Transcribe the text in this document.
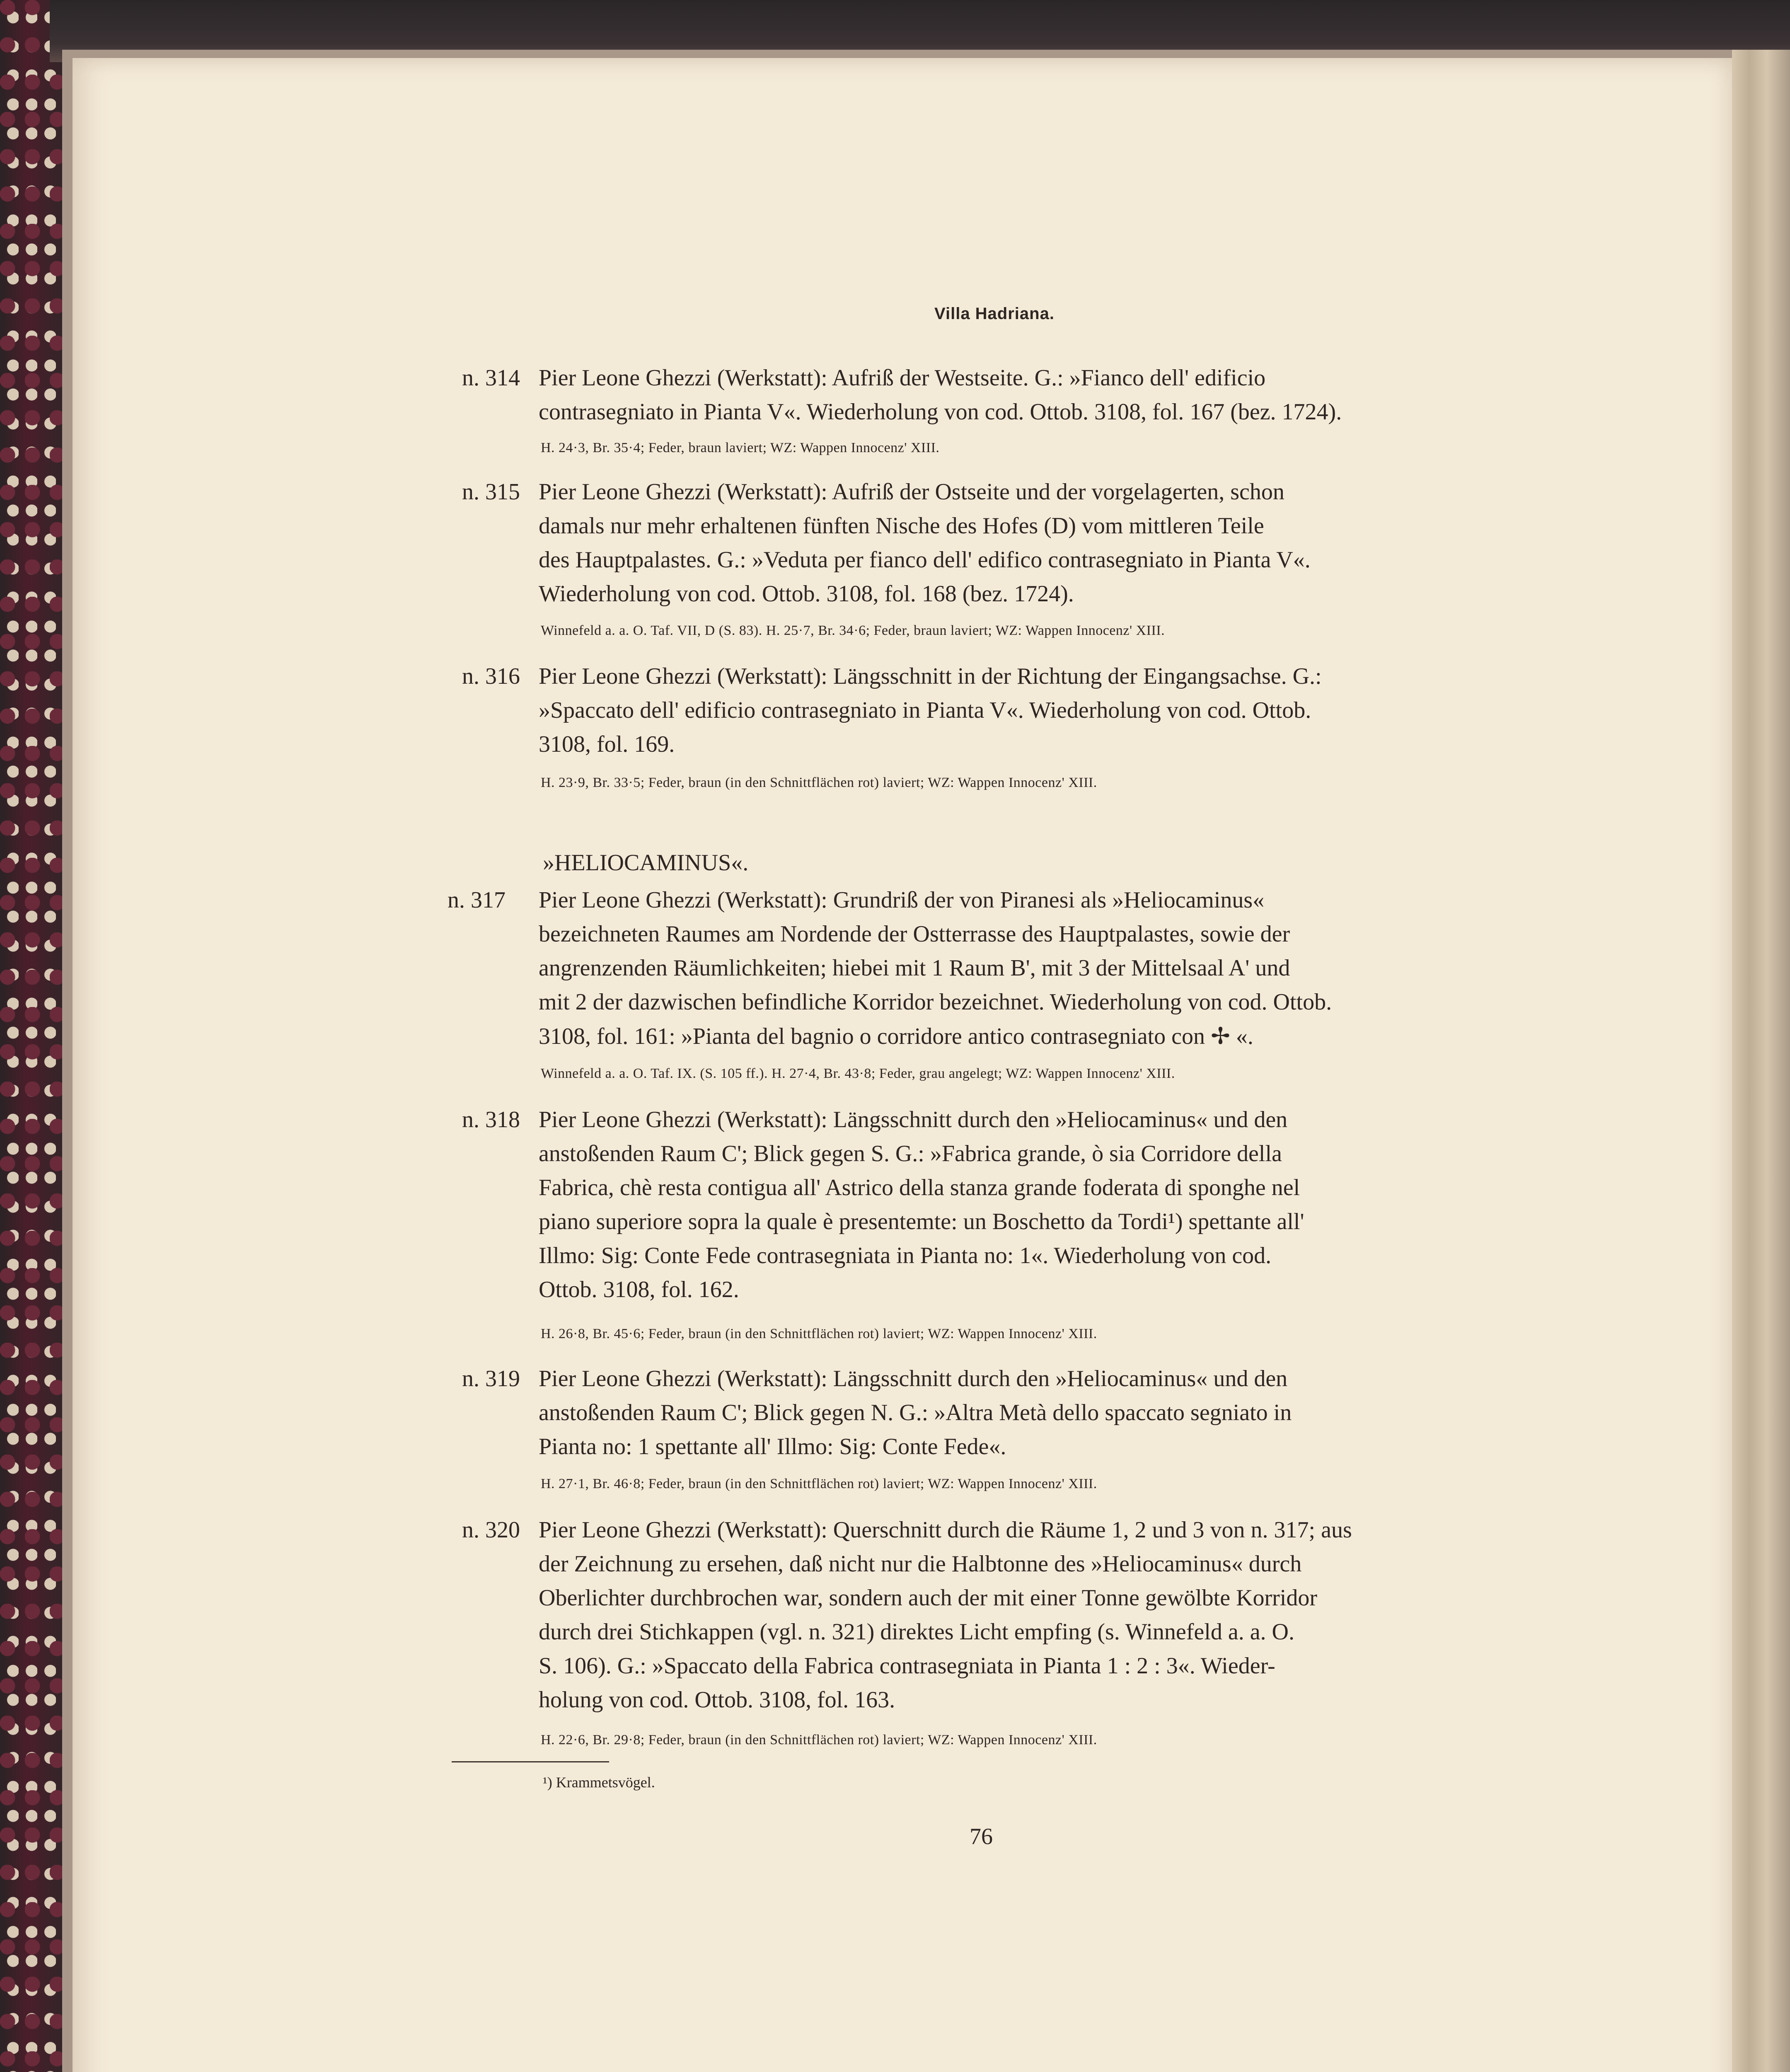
Villa Hadriana.
n. 314 Pier Leone Ghezzi (Werkstatt): Aufriß der Westseite. G.: »Fianco dell' edificio
contrasegniato in Pianta V«. Wiederholung von cod. Ottob. 3108, fol. 167 (bez. 1724).
H. 24·3, Br. 35·4; Feder, braun laviert; WZ: Wappen Innocenz' XIII.
n. 315 Pier Leone Ghezzi (Werkstatt): Aufriß der Ostseite und der vorgelagerten, schon
damals nur mehr erhaltenen fünften Nische des Hofes (D) vom mittleren Teile
des Hauptpalastes. G.: »Veduta per fianco dell' edifico contrasegniato in Pianta V«.
Wiederholung von cod. Ottob. 3108, fol. 168 (bez. 1724).
Winnefeld a. a. O. Taf. VII, D (S. 83). H. 25·7, Br. 34·6; Feder, braun laviert; WZ: Wappen Innocenz' XIII.
n. 316 Pier Leone Ghezzi (Werkstatt): Längsschnitt in der Richtung der Eingangsachse. G.:
»Spaccato dell' edificio contrasegniato in Pianta V«. Wiederholung von cod. Ottob.
3108, fol. 169.
H. 23·9, Br. 33·5; Feder, braun (in den Schnittflächen rot) laviert; WZ: Wappen Innocenz' XIII.
»HELIOCAMINUS«.
n. 317 Pier Leone Ghezzi (Werkstatt): Grundriß der von Piranesi als »Heliocaminus«
bezeichneten Raumes am Nordende der Ostterrasse des Hauptpalastes, sowie der
angrenzenden Räumlichkeiten; hiebei mit 1 Raum B', mit 3 der Mittelsaal A' und
mit 2 der dazwischen befindliche Korridor bezeichnet. Wiederholung von cod. Ottob.
3108, fol. 161: »Pianta del bagnio o corridore antico contrasegniato con ✢ «.
Winnefeld a. a. O. Taf. IX. (S. 105 ff.). H. 27·4, Br. 43·8; Feder, grau angelegt; WZ: Wappen Innocenz' XIII.
n. 318 Pier Leone Ghezzi (Werkstatt): Längsschnitt durch den »Heliocaminus« und den
anstoßenden Raum C'; Blick gegen S. G.: »Fabrica grande, ò sia Corridore della
Fabrica, chè resta contigua all' Astrico della stanza grande foderata di sponghe nel
piano superiore sopra la quale è presentemte: un Boschetto da Tordi¹) spettante all'
Illmo: Sig: Conte Fede contrasegniata in Pianta no: 1«. Wiederholung von cod.
Ottob. 3108, fol. 162.
H. 26·8, Br. 45·6; Feder, braun (in den Schnittflächen rot) laviert; WZ: Wappen Innocenz' XIII.
n. 319 Pier Leone Ghezzi (Werkstatt): Längsschnitt durch den »Heliocaminus« und den
anstoßenden Raum C'; Blick gegen N. G.: »Altra Metà dello spaccato segniato in
Pianta no: 1 spettante all' Illmo: Sig: Conte Fede«.
H. 27·1, Br. 46·8; Feder, braun (in den Schnittflächen rot) laviert; WZ: Wappen Innocenz' XIII.
n. 320 Pier Leone Ghezzi (Werkstatt): Querschnitt durch die Räume 1, 2 und 3 von n. 317; aus
der Zeichnung zu ersehen, daß nicht nur die Halbtonne des »Heliocaminus« durch
Oberlichter durchbrochen war, sondern auch der mit einer Tonne gewölbte Korridor
durch drei Stichkappen (vgl. n. 321) direktes Licht empfing (s. Winnefeld a. a. O.
S. 106). G.: »Spaccato della Fabrica contrasegniata in Pianta 1 : 2 : 3«. Wieder-
holung von cod. Ottob. 3108, fol. 163.
H. 22·6, Br. 29·8; Feder, braun (in den Schnittflächen rot) laviert; WZ: Wappen Innocenz' XIII.
¹) Krammetsvögel.
76
